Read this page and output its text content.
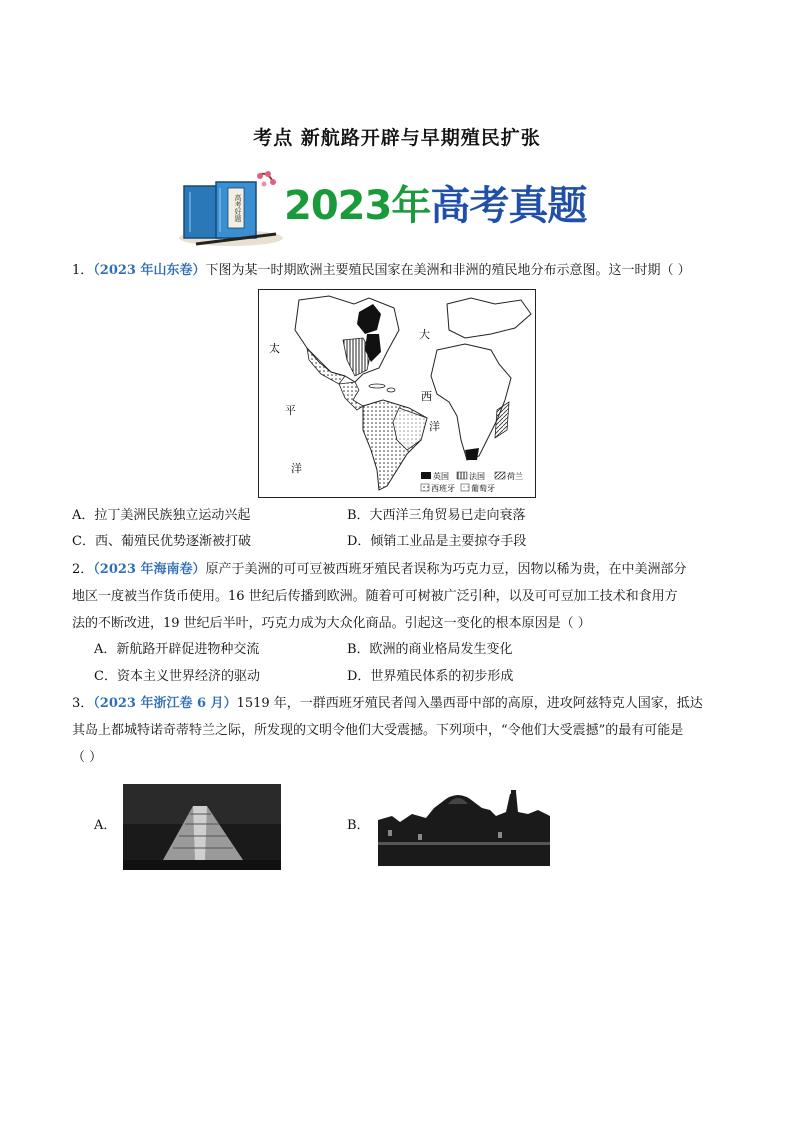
考点 新航路开辟与早期殖民扩张
高考好题 2023年高考真题
1．（2023 年山东卷）下图为某一时期欧洲主要殖民国家在美洲和非洲的殖民地分布示意图。这一时期（ ）
太
平
洋
大
西
洋
英国	法国	荷兰
西班牙 葡萄牙
A．拉丁美洲民族独立运动兴起	B．大西洋三角贸易已走向衰落
C．西、葡殖民优势逐渐被打破	D．倾销工业品是主要掠夺手段
2．（2023 年海南卷）原产于美洲的可可豆被西班牙殖民者误称为巧克力豆，因物以稀为贵，在中美洲部分
地区一度被当作货币使用。16 世纪后传播到欧洲。随着可可树被广泛引种，以及可可豆加工技术和食用方
法的不断改进，19 世纪后半叶，巧克力成为大众化商品。引起这一变化的根本原因是（ ）
A．新航路开辟促进物种交流	B．欧洲的商业格局发生变化
C．资本主义世界经济的驱动	D．世界殖民体系的初步形成
3．（2023 年浙江卷 6 月）1519 年，一群西班牙殖民者闯入墨西哥中部的高原，进攻阿兹特克人国家，抵达
其岛上都城特诺奇蒂特兰之际，所发现的文明令他们大受震撼。下列项中，“令他们大受震撼”的最有可能是
（ ）
A．	B．
